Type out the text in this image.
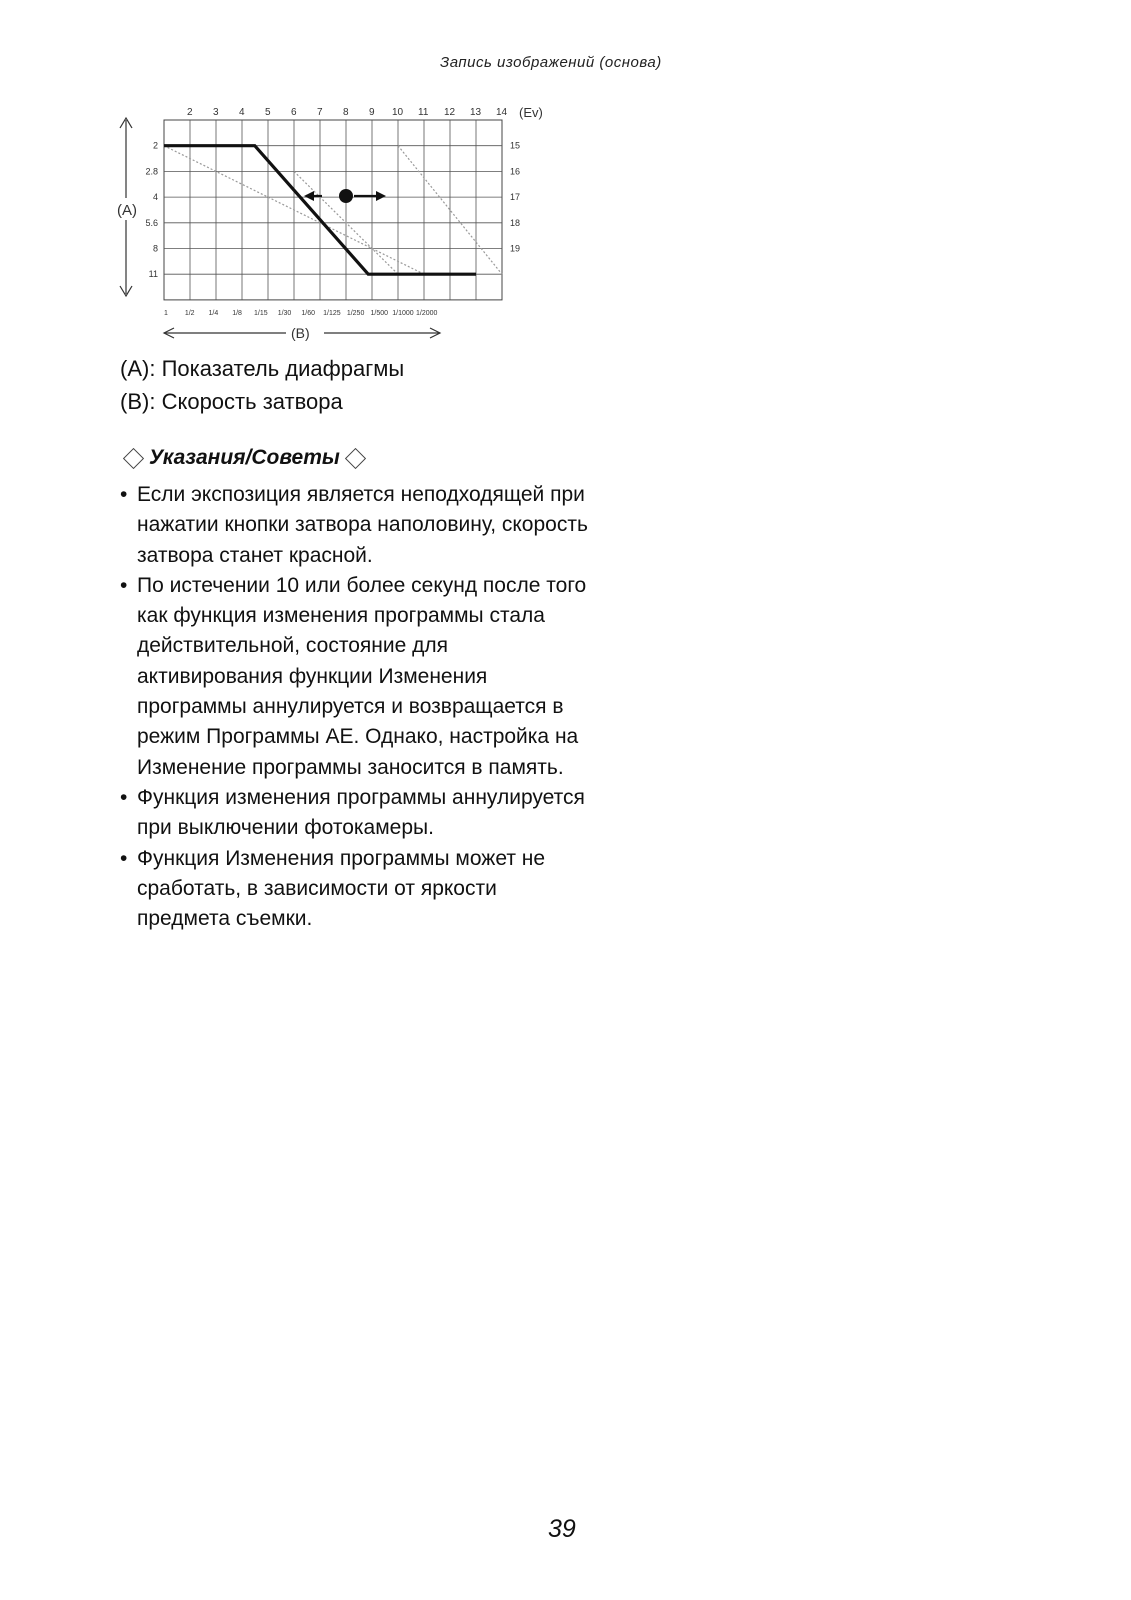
Запись изображений (основа)
2 3 4 5 6 7 8 9 10 11 12 13 14 (Ev)
2
2.8
4
5.6
8
11
15
16
17
18
19
1 1/2 1/4 1/8 1/15 1/30 1/60 1/125 1/250 1/500 1/1000 1/2000
(A)
(B)
(A): Показатель диафрагмы
(B): Скорость затвора
Указания/Советы
• Если экспозиция является неподходящей при нажатии кнопки затвора наполовину, скорость затвора станет красной.
• По истечении 10 или более секунд после того как функция изменения программы стала действительной, состояние для активирования функции Изменения программы аннулируется и возвращается в режим Программы AE. Однако, настройка на Изменение программы заносится в память.
• Функция изменения программы аннулируется при выключении фотокамеры.
• Функция Изменения программы может не сработать, в зависимости от яркости предмета съемки.
39
